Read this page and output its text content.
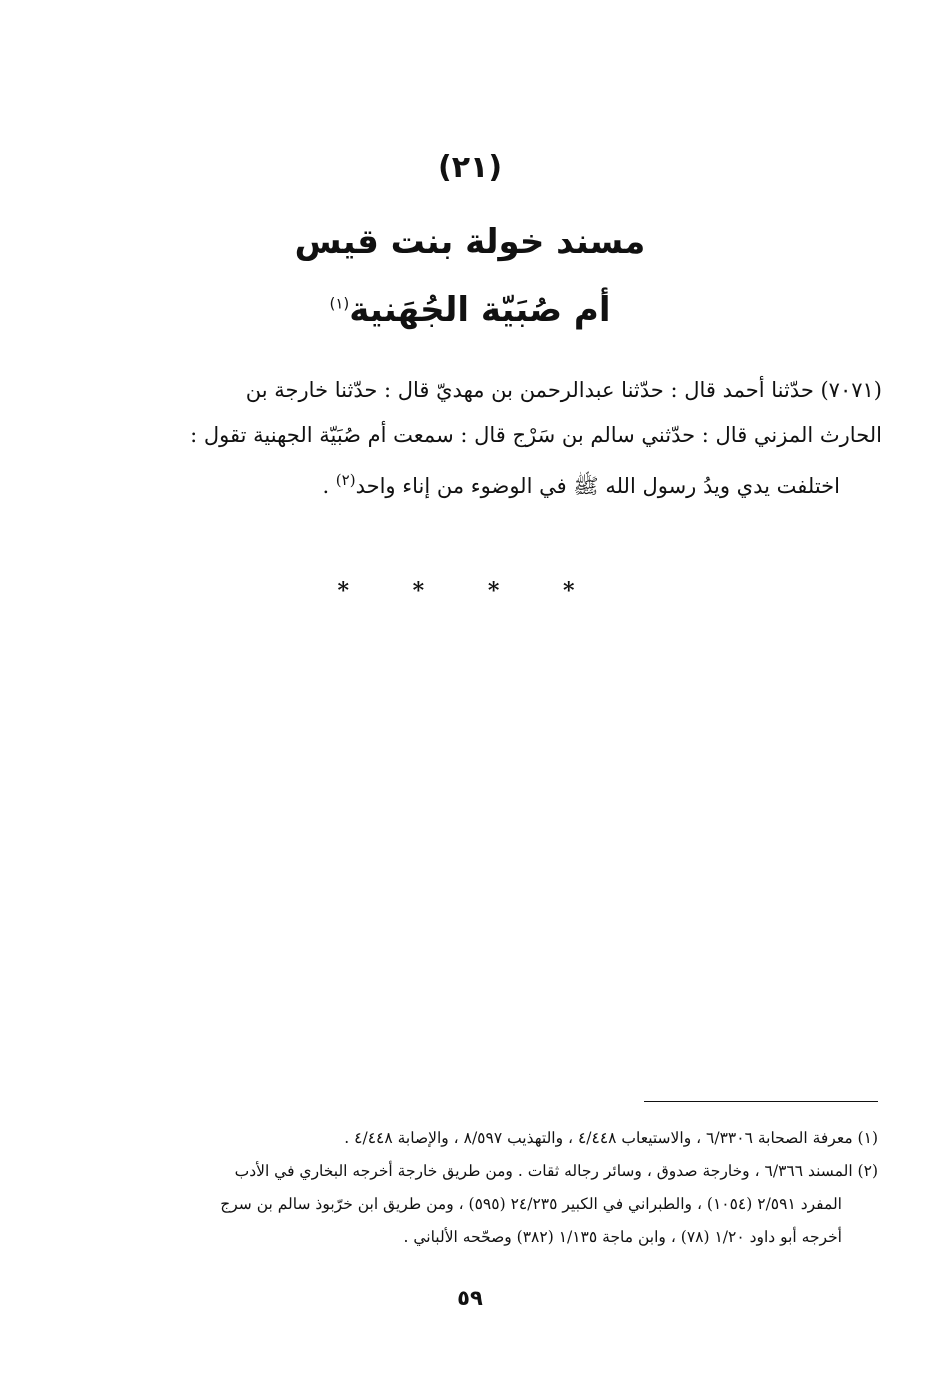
(٢١)
مسند خولة بنت قيس
أم صُبَيّة الجُهَنية$^{(١)}$
(٧٠٧١) حدّثنا أحمد قال : حدّثنا عبدالرحمن بن مهديّ قال : حدّثنا خارجة بن
الحارث المزني قال : حدّثني سالم بن سَرْج قال : سمعت أم صُبَيّة الجهنية تقول :
اختلفت يدي ويدُ رسول الله ﷺ في الوضوء من إناء واحد$^{(٢)}$ .
* * * *
(١) معرفة الصحابة ٦/٣٣٠٦ ، والاستيعاب ٤/٤٤٨ ، والتهذيب ٨/٥٩٧ ، والإصابة ٤/٤٤٨ .
(٢) المسند ٦/٣٦٦ ، وخارجة صدوق ، وسائر رجاله ثقات . ومن طريق خارجة أخرجه البخاري في الأدب
المفرد ٢/٥٩١ (١٠٥٤) ، والطبراني في الكبير ٢٤/٢٣٥ (٥٩٥) ، ومن طريق ابن خرّبوذ سالم بن سرج
أخرجه أبو داود ١/٢٠ (٧٨) ، وابن ماجة ١/١٣٥ (٣٨٢) وصحّحه الألباني .
٥٩
